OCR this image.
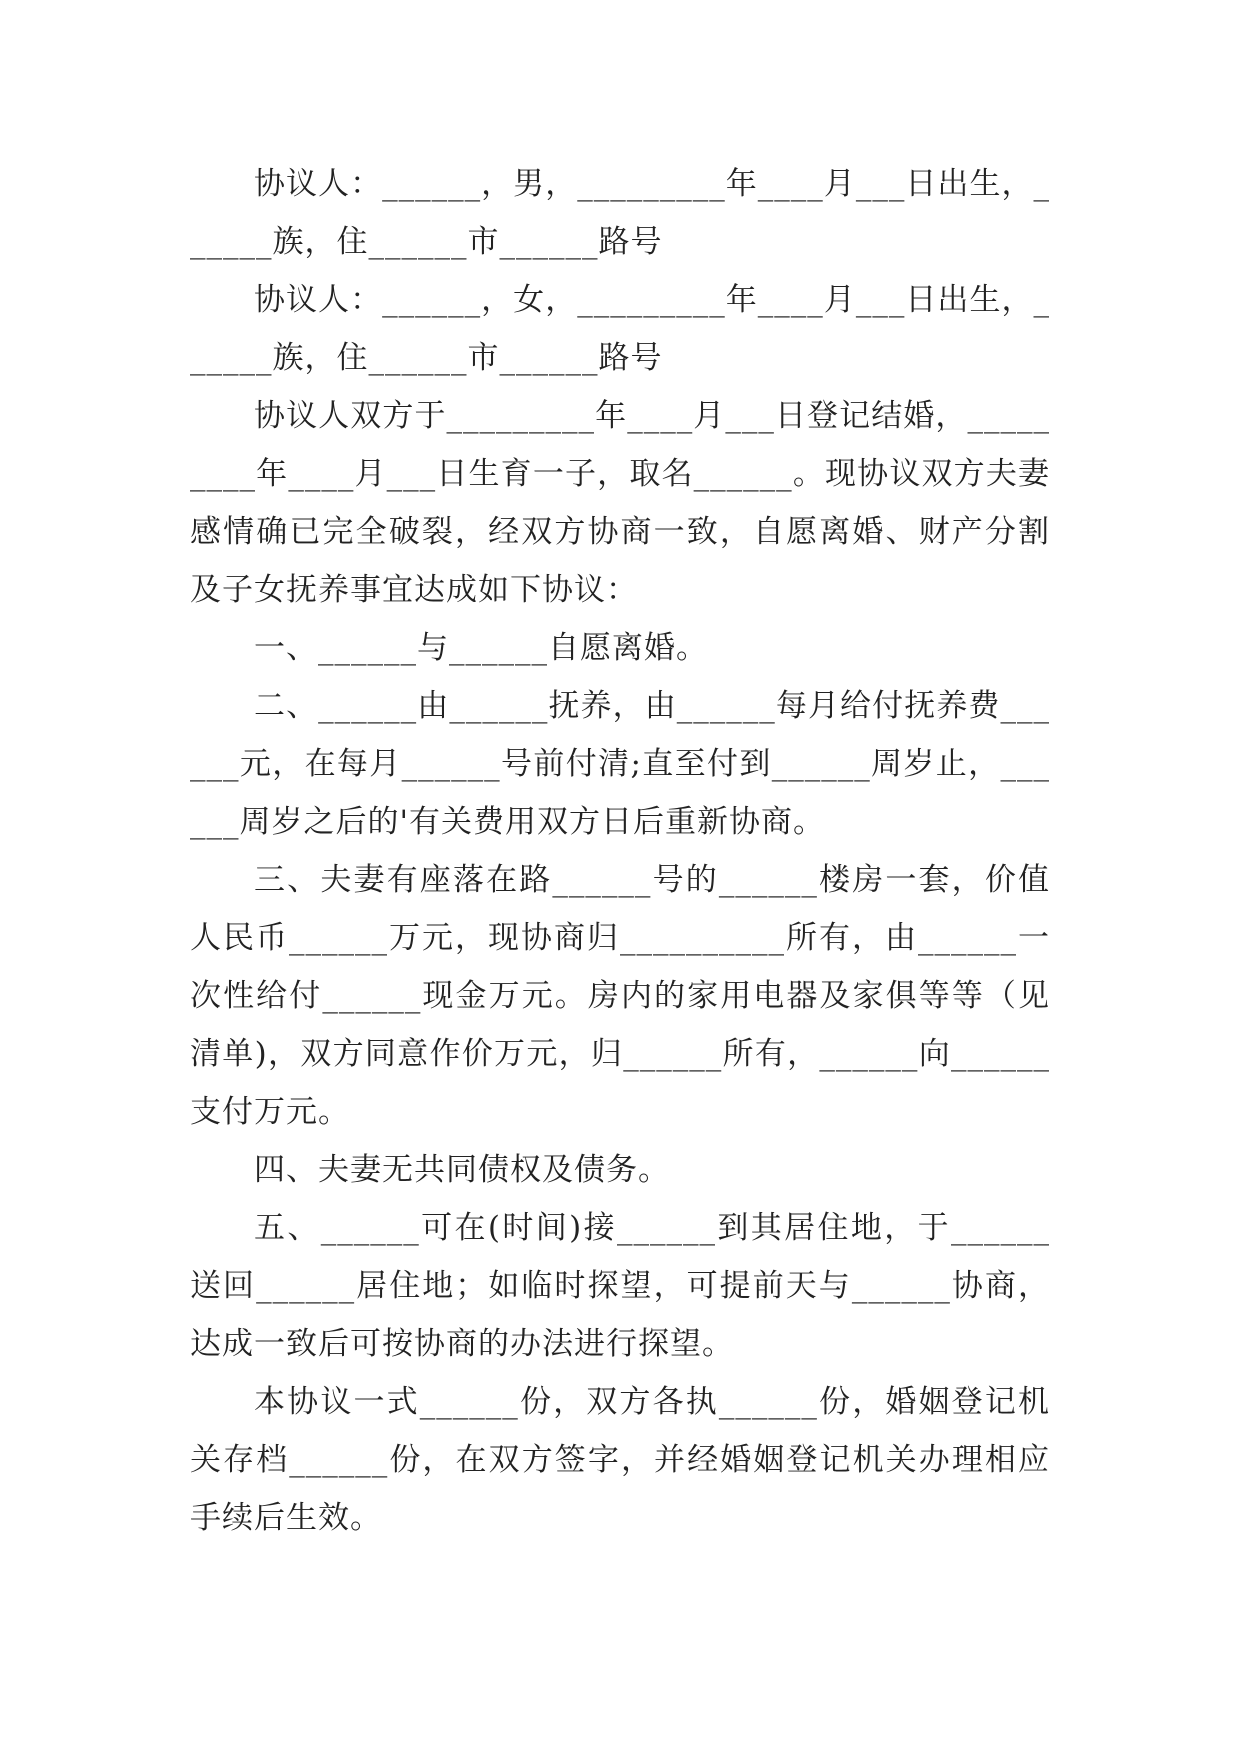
协议人：______，男，_________年____月___日出生，______族，住______市______路号

协议人：______，女，_________年____月___日出生，______族，住______市______路号

协议人双方于_________年____月___日登记结婚，_________年____月___日生育一子，取名______。现协议双方夫妻感情确已完全破裂，经双方协商一致，自愿离婚、财产分割及子女抚养事宜达成如下协议：

一、______与______自愿离婚。

二、______由______抚养，由______每月给付抚养费______元，在每月______号前付清;直至付到______周岁止，______周岁之后的'有关费用双方日后重新协商。

三、夫妻有座落在路______号的______楼房一套，价值人民币______万元，现协商归__________所有，由______一次性给付______现金万元。房内的家用电器及家俱等等（见清单)，双方同意作价万元，归______所有，______向______支付万元。

四、夫妻无共同债权及债务。

五、______可在(时间)接______到其居住地，于______送回______居住地；如临时探望，可提前天与______协商，达成一致后可按协商的办法进行探望。

本协议一式______份，双方各执______份，婚姻登记机关存档______份，在双方签字，并经婚姻登记机关办理相应手续后生效。
